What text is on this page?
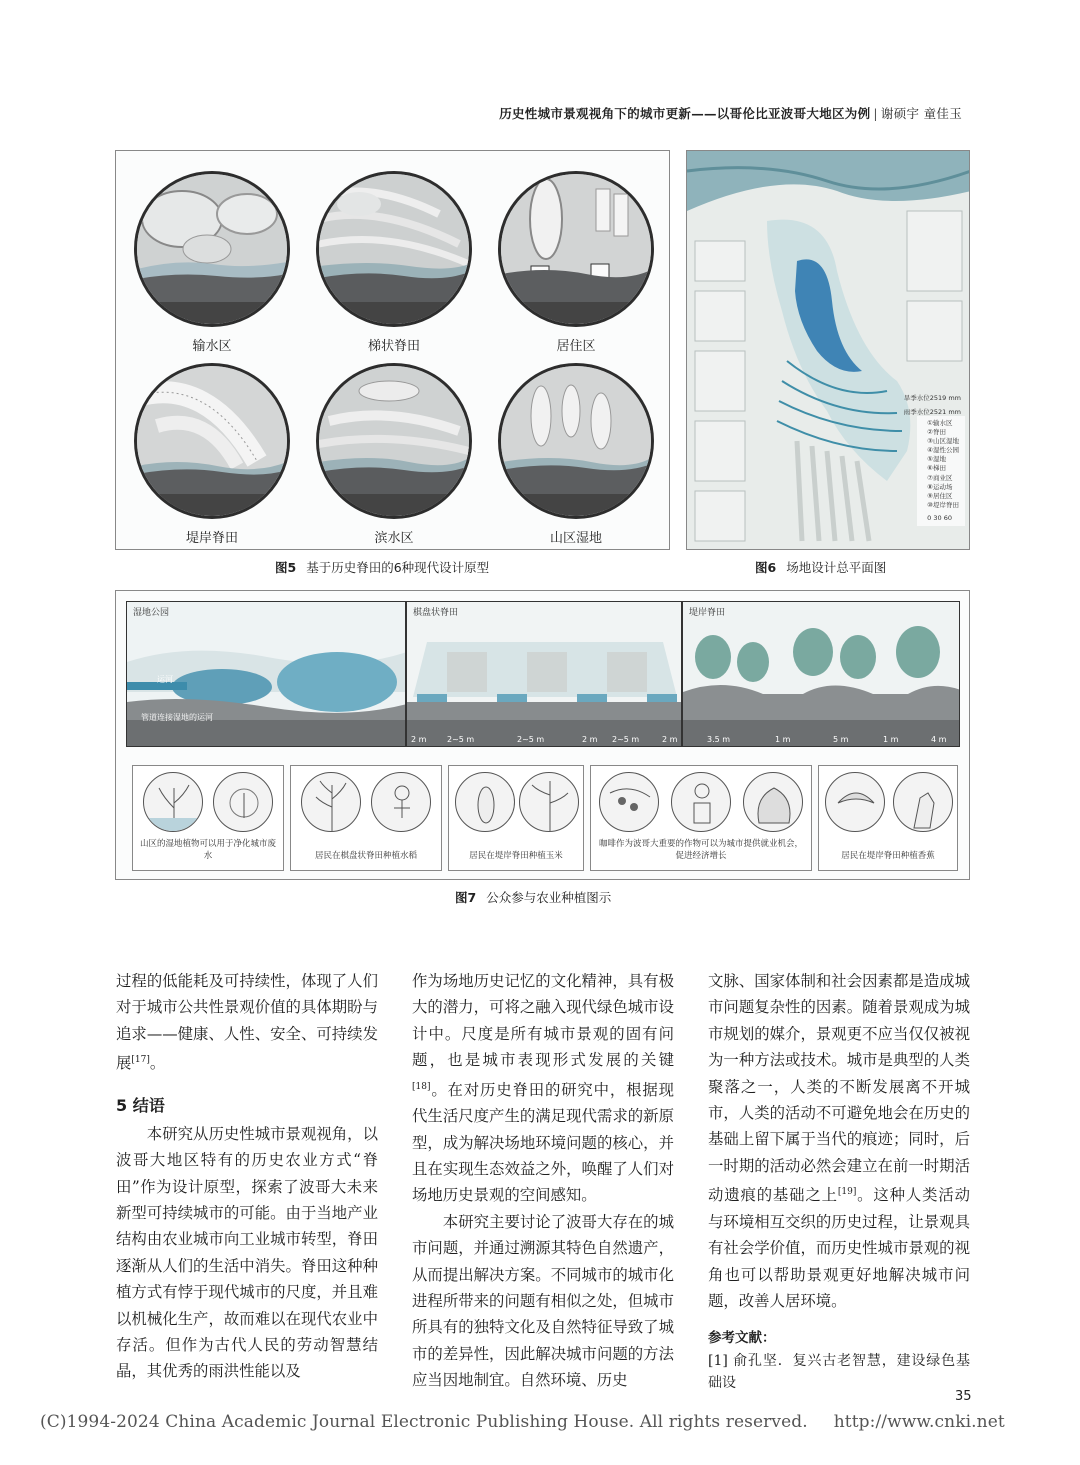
历史性城市景观视角下的城市更新——以哥伦比亚波哥大地区为例 | 谢硕宇 童佳玉
输水区	梯状脊田	居住区
堤岸脊田	滨水区	山区湿地
图5 基于历史脊田的6种现代设计原型
旱季水位2519 mm
雨季水位2521 mm
①输水区
②脊田
③山区湿地
④湿性公园
⑤湿地
⑥梯田
⑦商业区
⑧运动场
⑨居住区
⑩堤岸脊田
0 30 60
图6 场地设计总平面图
湿地公园
运河
管道连接湿地的运河
棋盘状脊田
2 m	2~5 m	2~5 m	2 m 2~5 m	2 m
堤岸脊田
3.5 m	1 m	5 m	1 m	4 m
山区的湿地植物可以用于净化城市废水	居民在棋盘状脊田种植水稻	居民在堤岸脊田种植玉米
咖啡作为波哥大重要的作物可以为城市提供就业机会，促进经济增长	居民在堤岸脊田种植香蕉
图7 公众参与农业种植图示

过程的低能耗及可持续性，体现了人们对于城市公共性景观价值的具体期盼与追求——健康、人性、安全、可持续发展[17]。

5 结语

本研究从历史性城市景观视角，以波哥大地区特有的历史农业方式“脊田”作为设计原型，探索了波哥大未来新型可持续城市的可能。由于当地产业结构由农业城市向工业城市转型，脊田逐渐从人们的生活中消失。脊田这种种植方式有悖于现代城市的尺度，并且难以机械化生产，故而难以在现代农业中存活。但作为古代人民的劳动智慧结晶，其优秀的雨洪性能以及

作为场地历史记忆的文化精神，具有极大的潜力，可将之融入现代绿色城市设计中。尺度是所有城市景观的固有问题，也是城市表现形式发展的关键[18]。在对历史脊田的研究中，根据现代生活尺度产生的满足现代需求的新原型，成为解决场地环境问题的核心，并且在实现生态效益之外，唤醒了人们对场地历史景观的空间感知。

本研究主要讨论了波哥大存在的城市问题，并通过溯源其特色自然遗产，从而提出解决方案。不同城市的城市化进程所带来的问题有相似之处，但城市所具有的独特文化及自然特征导致了城市的差异性，因此解决城市问题的方法应当因地制宜。自然环境、历史

文脉、国家体制和社会因素都是造成城市问题复杂性的因素。随着景观成为城市规划的媒介，景观更不应当仅仅被视为一种方法或技术。城市是典型的人类聚落之一，人类的不断发展离不开城市，人类的活动不可避免地会在历史的基础上留下属于当代的痕迹；同时，后一时期的活动必然会建立在前一时期活动遗痕的基础之上[19]。这种人类活动与环境相互交织的历史过程，让景观具有社会学价值，而历史性城市景观的视角也可以帮助景观更好地解决城市问题，改善人居环境。

参考文献：

[1] 俞孔坚．复兴古老智慧，建设绿色基础设

35
(C)1994-2024 China Academic Journal Electronic Publishing House. All rights reserved. http://www.cnki.net
